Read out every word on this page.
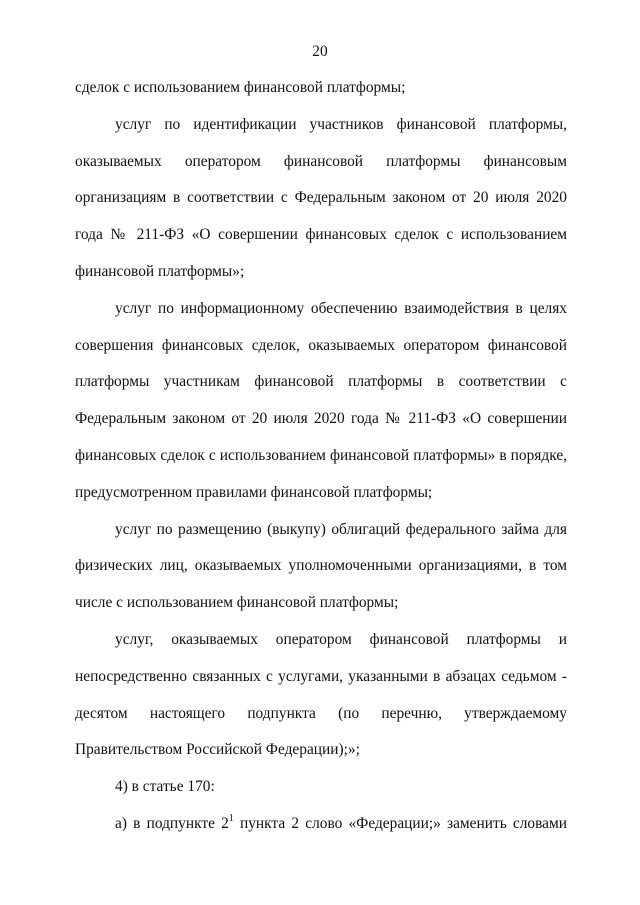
20
сделок с использованием финансовой платформы;
услуг по идентификации участников финансовой платформы,
оказываемых оператором финансовой платформы финансовым
организациям в соответствии с Федеральным законом от 20 июля 2020
года № 211-ФЗ «О совершении финансовых сделок с использованием
финансовой платформы»;
услуг по информационному обеспечению взаимодействия в целях
совершения финансовых сделок, оказываемых оператором финансовой
платформы участникам финансовой платформы в соответствии с
Федеральным законом от 20 июля 2020 года № 211-ФЗ «О совершении
финансовых сделок с использованием финансовой платформы» в порядке,
предусмотренном правилами финансовой платформы;
услуг по размещению (выкупу) облигаций федерального займа для
физических лиц, оказываемых уполномоченными организациями, в том
числе с использованием финансовой платформы;
услуг, оказываемых оператором финансовой платформы и
непосредственно связанных с услугами, указанными в абзацах седьмом -
десятом настоящего подпункта (по перечню, утверждаемому
Правительством Российской Федерации);»;
4) в статье 170:
а) в подпункте $2^1$ пункта 2 слово «Федерации;» заменить словами
